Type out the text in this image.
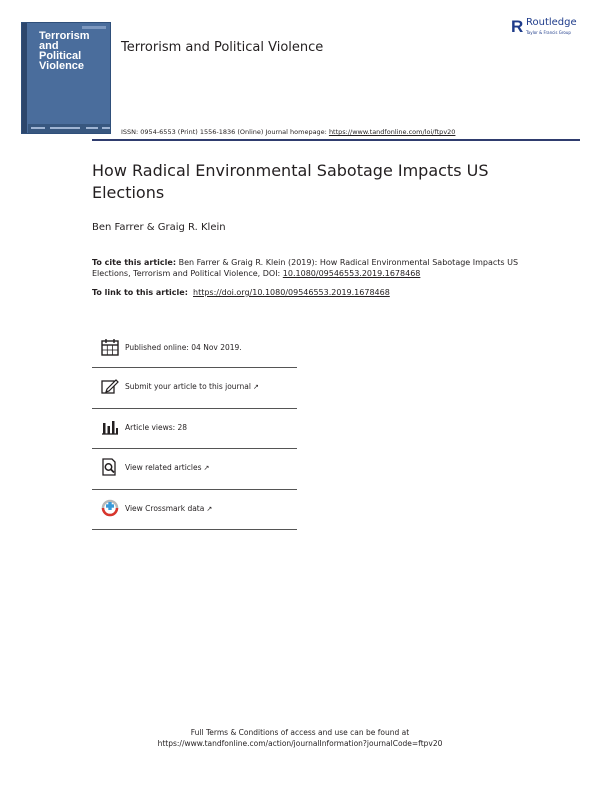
Terrorism
and
Political
Violence
Terrorism and Political Violence
R Routledge
Taylor & Francis Group
ISSN: 0954-6553 (Print) 1556-1836 (Online) Journal homepage: https://www.tandfonline.com/loi/ftpv20
How Radical Environmental Sabotage Impacts US Elections
Ben Farrer & Graig R. Klein
To cite this article: Ben Farrer & Graig R. Klein (2019): How Radical Environmental Sabotage Impacts US Elections, Terrorism and Political Violence, DOI: 10.1080/09546553.2019.1678468
To link to this article: https://doi.org/10.1080/09546553.2019.1678468
Published online: 04 Nov 2019.
Submit your article to this journal ↗
Article views: 28
View related articles ↗
View Crossmark data ↗
Full Terms & Conditions of access and use can be found at
https://www.tandfonline.com/action/journalInformation?journalCode=ftpv20
